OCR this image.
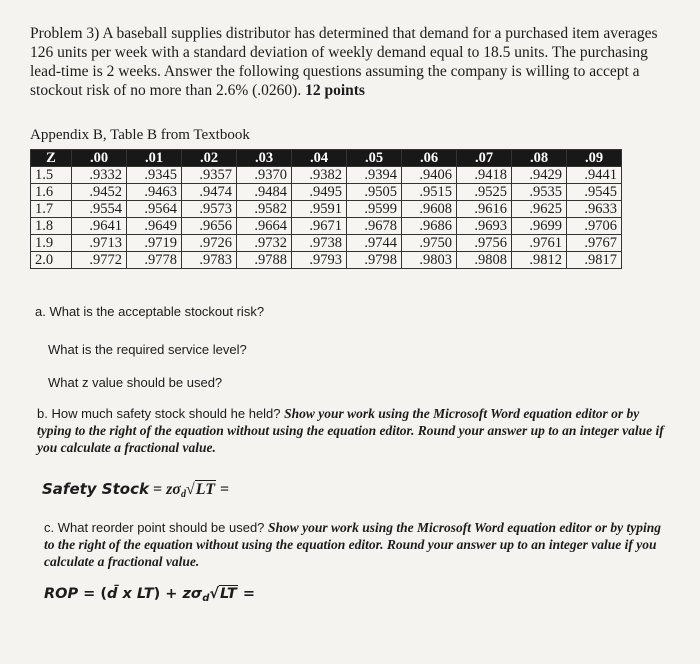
Problem 3) A baseball supplies distributor has determined that demand for a purchased item averages 126 units per week with a standard deviation of weekly demand equal to 18.5 units. The purchasing lead-time is 2 weeks. Answer the following questions assuming the company is willing to accept a stockout risk of no more than 2.6% (.0260). 12 points
Appendix B, Table B from Textbook
Z	.00	.01	.02	.03	.04	.05	.06	.07	.08	.09
1.5	.9332	.9345	.9357	.9370	.9382	.9394	.9406	.9418	.9429	.9441
1.6	.9452	.9463	.9474	.9484	.9495	.9505	.9515	.9525	.9535	.9545
1.7	.9554	.9564	.9573	.9582	.9591	.9599	.9608	.9616	.9625	.9633
1.8	.9641	.9649	.9656	.9664	.9671	.9678	.9686	.9693	.9699	.9706
1.9	.9713	.9719	.9726	.9732	.9738	.9744	.9750	.9756	.9761	.9767
2.0	.9772	.9778	.9783	.9788	.9793	.9798	.9803	.9808	.9812	.9817
a. What is the acceptable stockout risk?
What is the required service level?
What z value should be used?
b. How much safety stock should he held? Show your work using the Microsoft Word equation editor or by typing to the right of the equation without using the equation editor. Round your answer up to an integer value if you calculate a fractional value.
Safety Stock = $z\sigma_d√LT$ =
c. What reorder point should be used? Show your work using the Microsoft Word equation editor or by typing to the right of the equation without using the equation editor. Round your answer up to an integer value if you calculate a fractional value.
ROP = (d̄ x $LT) + z\sigma_d√LT$ =
